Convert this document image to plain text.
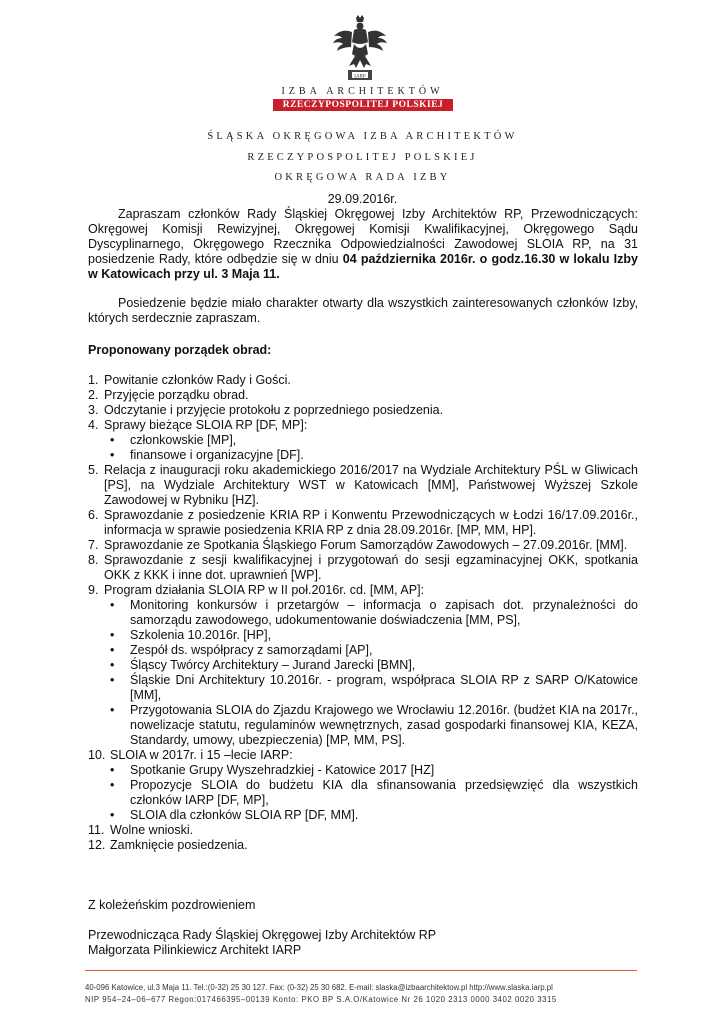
IARP
IZBA ARCHITEKTÓW
RZECZYPOSPOLITEJ POLSKIEJ
ŚLĄSKA OKRĘGOWA IZBA ARCHITEKTÓW
RZECZYPOSPOLITEJ POLSKIEJ
OKRĘGOWA RADA IZBY
29.09.2016r.

Zapraszam członków Rady Śląskiej Okręgowej Izby Architektów RP, Przewodniczących: Okręgowej Komisji Rewizyjnej, Okręgowej Komisji Kwalifikacyjnej, Okręgowego Sądu Dyscyplinarnego, Okręgowego Rzecznika Odpowiedzialności Zawodowej SLOIA RP, na 31 posiedzenie Rady, które odbędzie się w dniu 04 października 2016r. o godz.16.30 w lokalu Izby w Katowicach przy ul. 3 Maja 11.

Posiedzenie będzie miało charakter otwarty dla wszystkich zainteresowanych członków Izby, których serdecznie zapraszam.

Proponowany porządek obrad:

1. Powitanie członków Rady i Gości.
2. Przyjęcie porządku obrad.
3. Odczytanie i przyjęcie protokołu z poprzedniego posiedzenia.
4. Sprawy bieżące SLOIA RP [DF, MP]:
• członkowskie [MP],
• finansowe i organizacyjne [DF].
5. Relacja z inauguracji roku akademickiego 2016/2017 na Wydziale Architektury PŚL w Gliwicach [PS], na Wydziale Architektury WST w Katowicach [MM], Państwowej Wyższej Szkole Zawodowej w Rybniku [HZ].
6. Sprawozdanie z posiedzenie KRIA RP i Konwentu Przewodniczących w Łodzi 16/17.09.2016r., informacja w sprawie posiedzenia KRIA RP z dnia 28.09.2016r. [MP, MM, HP].
7. Sprawozdanie ze Spotkania Śląskiego Forum Samorządów Zawodowych – 27.09.2016r. [MM].
8. Sprawozdanie z sesji kwalifikacyjnej i przygotowań do sesji egzaminacyjnej OKK, spotkania OKK z KKK i inne dot. uprawnień [WP].
9. Program działania SLOIA RP w II poł.2016r. cd. [MM, AP]:
• Monitoring konkursów i przetargów – informacja o zapisach dot. przynależności do samorządu zawodowego, udokumentowanie doświadczenia [MM, PS],
• Szkolenia 10.2016r. [HP],
• Zespół ds. współpracy z samorządami [AP],
• Śląscy Twórcy Architektury – Jurand Jarecki [BMN],
• Śląskie Dni Architektury 10.2016r. - program, współpraca SLOIA RP z SARP O/Katowice [MM],
• Przygotowania SLOIA do Zjazdu Krajowego we Wrocławiu 12.2016r. (budżet KIA na 2017r., nowelizacje statutu, regulaminów wewnętrznych, zasad gospodarki finansowej KIA, KEZA, Standardy, umowy, ubezpieczenia) [MP, MM, PS].
10. SLOIA w 2017r. i 15 –lecie IARP:
• Spotkanie Grupy Wyszehradzkiej - Katowice 2017 [HZ]
• Propozycje SLOIA do budżetu KIA dla sfinansowania przedsięwzięć dla wszystkich członków IARP [DF, MP],
• SLOIA dla członków SLOIA RP [DF, MM].
11. Wolne wnioski.
12. Zamknięcie posiedzenia.

Z koleżeńskim pozdrowieniem

Przewodnicząca Rady Śląskiej Okręgowej Izby Architektów RP

Małgorzata Pilinkiewicz Architekt IARP

40-096 Katowice, ul.3 Maja 11. Tel.:(0-32) 25 30 127. Fax: (0-32) 25 30 682. E-mail: slaska@izbaarchitektow.pl http://www.slaska.iarp.pl
NIP 954–24–06–677 Regon:017466395–00139 Konto: PKO BP S.A.O/Katowice Nr 26 1020 2313 0000 3402 0020 3315
